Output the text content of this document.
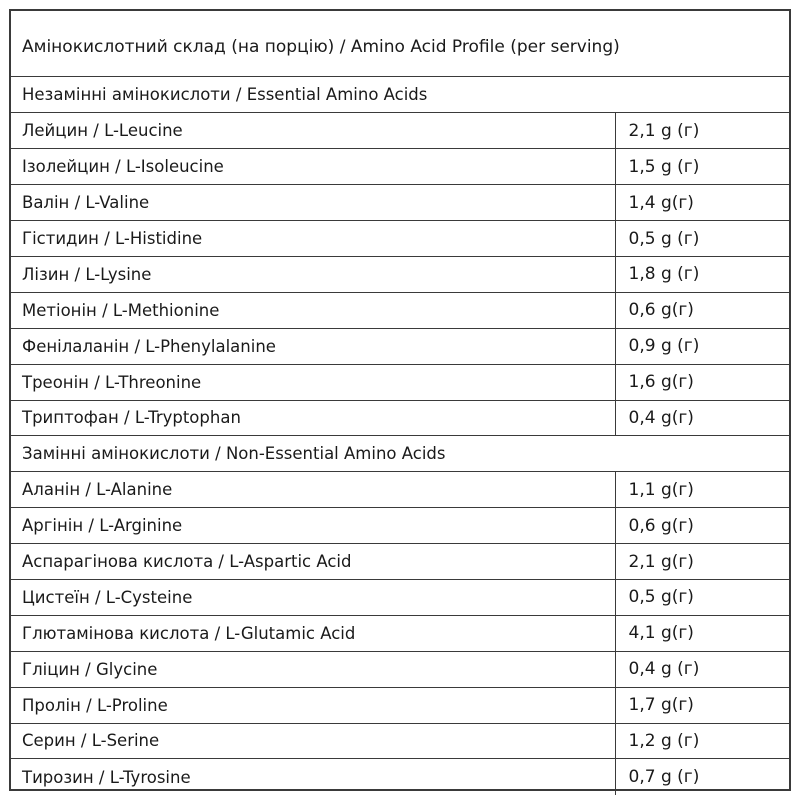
Амінокислотний склад (на порцію) / Amino Acid Profile (per serving)
Незамінні амінокислоти / Essential Amino Acids	
Лейцин / L-Leucine	2,1 g (г)
Ізолейцин / L-Isoleucine	1,5 g (г)
Валін / L-Valine	1,4 g(г)
Гістидин / L-Histidine	0,5 g (г)
Лізин / L-Lysine	1,8 g (г)
Метіонін / L-Methionine	0,6 g(г)
Фенілаланін / L-Phenylalanine	0,9 g (г)
Треонін / L-Threonine	1,6 g(г)
Триптофан / L-Tryptophan	0,4 g(г)
Замінні амінокислоти / Non-Essential Amino Acids	
Аланін / L-Alanine	1,1 g(г)
Аргінін / L-Arginine	0,6 g(г)
Аспарагінова кислота / L-Aspartic Acid	2,1 g(г)
Цистеїн / L-Cysteine	0,5 g(г)
Глютамінова кислота / L-Glutamic Acid	4,1 g(г)
Гліцин / Glycine	0,4 g (г)
Пролін / L-Proline	1,7 g(г)
Серин / L-Serine	1,2 g (г)
Тирозин / L-Tyrosine	0,7 g (г)
